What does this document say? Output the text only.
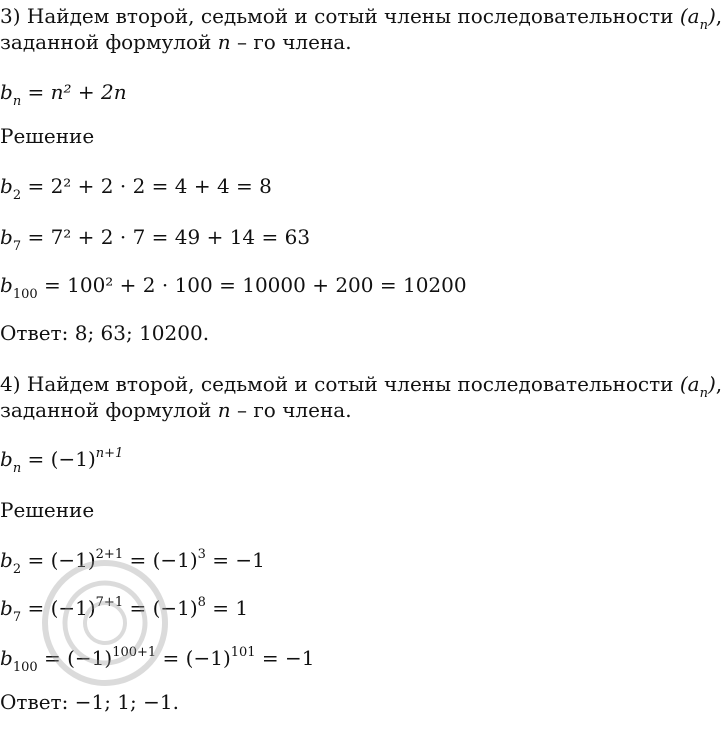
3) Найдем второй, седьмой и сотый члены последовательности $(a_n)$,
заданной формулой n – го члена.
$b_n = n^2 + 2n$
Решение
$b_2 = 2^2 + 2 \cdot 2 = 4 + 4 = 8$
$b_7 = 7^2 + 2 \cdot 7 = 49 + 14 = 63$
$b_{100} = 100^2 + 2 \cdot 100 = 10000 + 200 = 10200$
Ответ: 8; 63; 10200.
4) Найдем второй, седьмой и сотый члены последовательности $(a_n)$,
заданной формулой n – го члена.
$b_n = (-1)^{n+1}$
Решение
$b_2 = (-1)^{2+1} = (-1)^3 = -1$
$b_7 = (-1)^{7+1} = (-1)^8 = 1$
$b_{100} = (-1)^{100+1} = (-1)^{101} = -1$
Ответ: −1; 1; −1.
